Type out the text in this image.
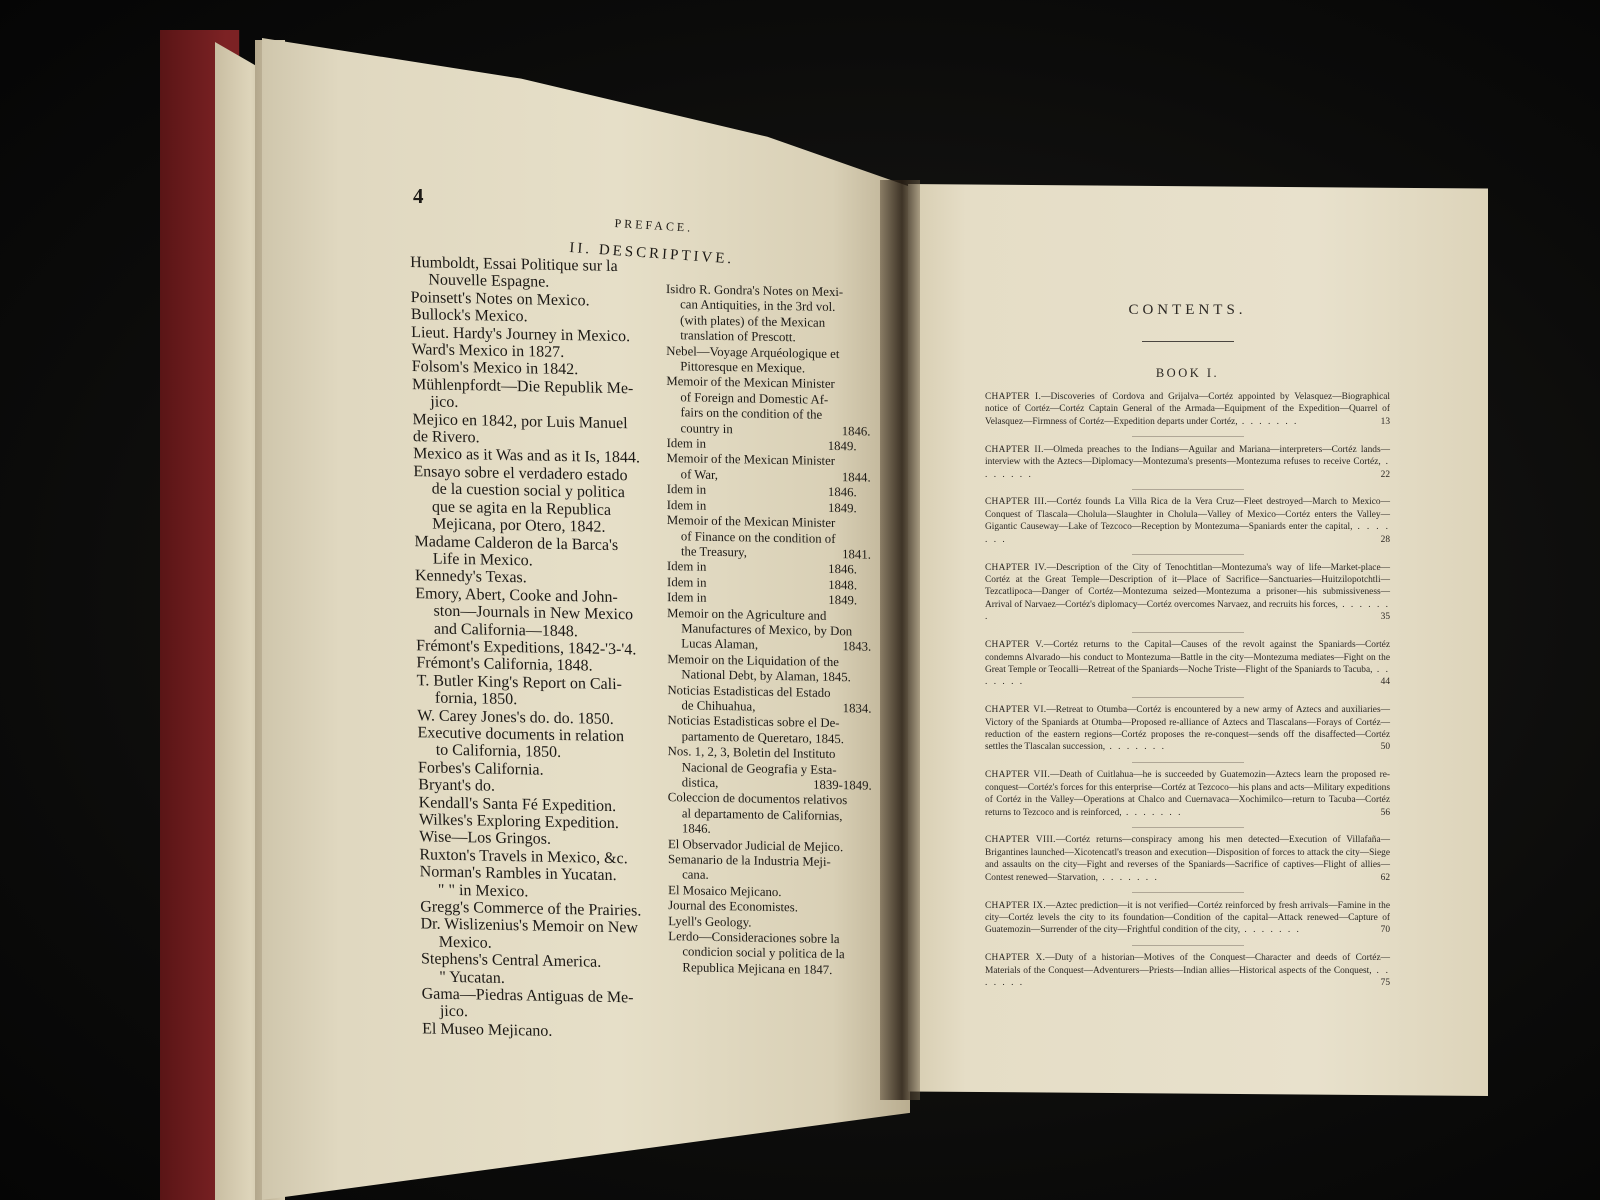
4
PREFACE.
II. DESCRIPTIVE.
Humboldt, Essai Politique sur la
Nouvelle Espagne.
Poinsett's Notes on Mexico.
Bullock's Mexico.
Lieut. Hardy's Journey in Mexico.
Ward's Mexico in 1827.
Folsom's Mexico in 1842.
Mühlenpfordt—Die Republik Me-
jico.
Mejico en 1842, por Luis Manuel
de Rivero.
Mexico as it Was and as it Is, 1844.
Ensayo sobre el verdadero estado
de la cuestion social y politica
que se agita en la Republica
Mejicana, por Otero, 1842.
Madame Calderon de la Barca's
Life in Mexico.
Kennedy's Texas.
Emory, Abert, Cooke and John-
ston—Journals in New Mexico
and California—1848.
Frémont's Expeditions, 1842-'3-'4.
Frémont's California, 1848.
T. Butler King's Report on Cali-
fornia, 1850.
W. Carey Jones's do. do. 1850.
Executive documents in relation
to California, 1850.
Forbes's California.
Bryant's do.
Kendall's Santa Fé Expedition.
Wilkes's Exploring Expedition.
Wise—Los Gringos.
Ruxton's Travels in Mexico, &c.
Norman's Rambles in Yucatan.
" " in Mexico.
Gregg's Commerce of the Prairies.
Dr. Wislizenius's Memoir on New
Mexico.
Stephens's Central America.
" Yucatan.
Gama—Piedras Antiguas de Me-
jico.
El Museo Mejicano.
Isidro R. Gondra's Notes on Mexi-
can Antiquities, in the 3rd vol.
(with plates) of the Mexican
translation of Prescott.
Nebel—Voyage Arquéologique et
Pittoresque en Mexique.
Memoir of the Mexican Minister
of Foreign and Domestic Af-
fairs on the condition of the
country in	1846.
Idem in	1849.
Memoir of the Mexican Minister
of War,	1844.
Idem in	1846.
Idem in	1849.
Memoir of the Mexican Minister
of Finance on the condition of
the Treasury,	1841.
Idem in	1846.
Idem in	1848.
Idem in	1849.
Memoir on the Agriculture and
Manufactures of Mexico, by Don
Lucas Alaman,	1843.
Memoir on the Liquidation of the
National Debt, by Alaman, 1845.
Noticias Estadisticas del Estado
de Chihuahua,	1834.
Noticias Estadisticas sobre el De-
partamento de Queretaro, 1845.
Nos. 1, 2, 3, Boletin del Instituto
Nacional de Geografia y Esta-
distica,	1839-1849.
Coleccion de documentos relativos
al departamento de Californias,
1846.
El Observador Judicial de Mejico.
Semanario de la Industria Meji-
cana.
El Mosaico Mejicano.
Journal des Economistes.
Lyell's Geology.
Lerdo—Consideraciones sobre la
condicion social y politica de la
Republica Mejicana en 1847.
CONTENTS.
BOOK I.
CHAPTER I.—Discoveries of Cordova and Grijalva—Cortéz appointed by Velasquez—Biographical notice of Cortéz—Cortéz Captain General of the Armada—Equipment of the Expedition—Quarrel of Velasquez—Firmness of Cortéz—Expedition departs under Cortéz, . . . . . . .	13
CHAPTER II.—Olmeda preaches to the Indians—Aguilar and Mariana—interpreters—Cortéz lands—interview with the Aztecs—Diplomacy—Montezuma's presents—Montezuma refuses to receive Cortéz, . . . . . . .	22
CHAPTER III.—Cortéz founds La Villa Rica de la Vera Cruz—Fleet destroyed—March to Mexico—Conquest of Tlascala—Cholula—Slaughter in Cholula—Valley of Mexico—Cortéz enters the Valley—Gigantic Causeway—Lake of Tezcoco—Reception by Montezuma—Spaniards enter the capital, . . . . . . .	28
CHAPTER IV.—Description of the City of Tenochtitlan—Montezuma's way of life—Market-place—Cortéz at the Great Temple—Description of it—Place of Sacrifice—Sanctuaries—Huitzilopotchtli—Tezcatlipoca—Danger of Cortéz—Montezuma seized—Montezuma a prisoner—his submissiveness—Arrival of Narvaez—Cortéz's diplomacy—Cortéz overcomes Narvaez, and recruits his forces, . . . . . . .	35
CHAPTER V.—Cortéz returns to the Capital—Causes of the revolt against the Spaniards—Cortéz condemns Alvarado—his conduct to Montezuma—Battle in the city—Montezuma mediates—Fight on the Great Temple or Teocalli—Retreat of the Spaniards—Noche Triste—Flight of the Spaniards to Tacuba, . . . . . . .	44
CHAPTER VI.—Retreat to Otumba—Cortéz is encountered by a new army of Aztecs and auxiliaries—Victory of the Spaniards at Otumba—Proposed re-alliance of Aztecs and Tlascalans—Forays of Cortéz—reduction of the eastern regions—Cortéz proposes the re-conquest—sends off the disaffected—Cortéz settles the Tlascalan succession, . . . . . . .	50
CHAPTER VII.—Death of Cuitlahua—he is succeeded by Guatemozin—Aztecs learn the proposed re-conquest—Cortéz's forces for this enterprise—Cortéz at Tezcoco—his plans and acts—Military expeditions of Cortéz in the Valley—Operations at Chalco and Cuernavaca—Xochimilco—return to Tacuba—Cortéz returns to Tezcoco and is reinforced, . . . . . . .	56
CHAPTER VIII.—Cortéz returns—conspiracy among his men detected—Execution of Villafaña—Brigantines launched—Xicotencatl's treason and execution—Disposition of forces to attack the city—Siege and assaults on the city—Fight and reverses of the Spaniards—Sacrifice of captives—Flight of allies—Contest renewed—Starvation, . . . . . . .	62
CHAPTER IX.—Aztec prediction—it is not verified—Cortéz reinforced by fresh arrivals—Famine in the city—Cortéz levels the city to its foundation—Condition of the capital—Attack renewed—Capture of Guatemozin—Surrender of the city—Frightful condition of the city, . . . . . . .	70
CHAPTER X.—Duty of a historian—Motives of the Conquest—Character and deeds of Cortéz—Materials of the Conquest—Adventurers—Priests—Indian allies—Historical aspects of the Conquest, . . . . . . .	75
